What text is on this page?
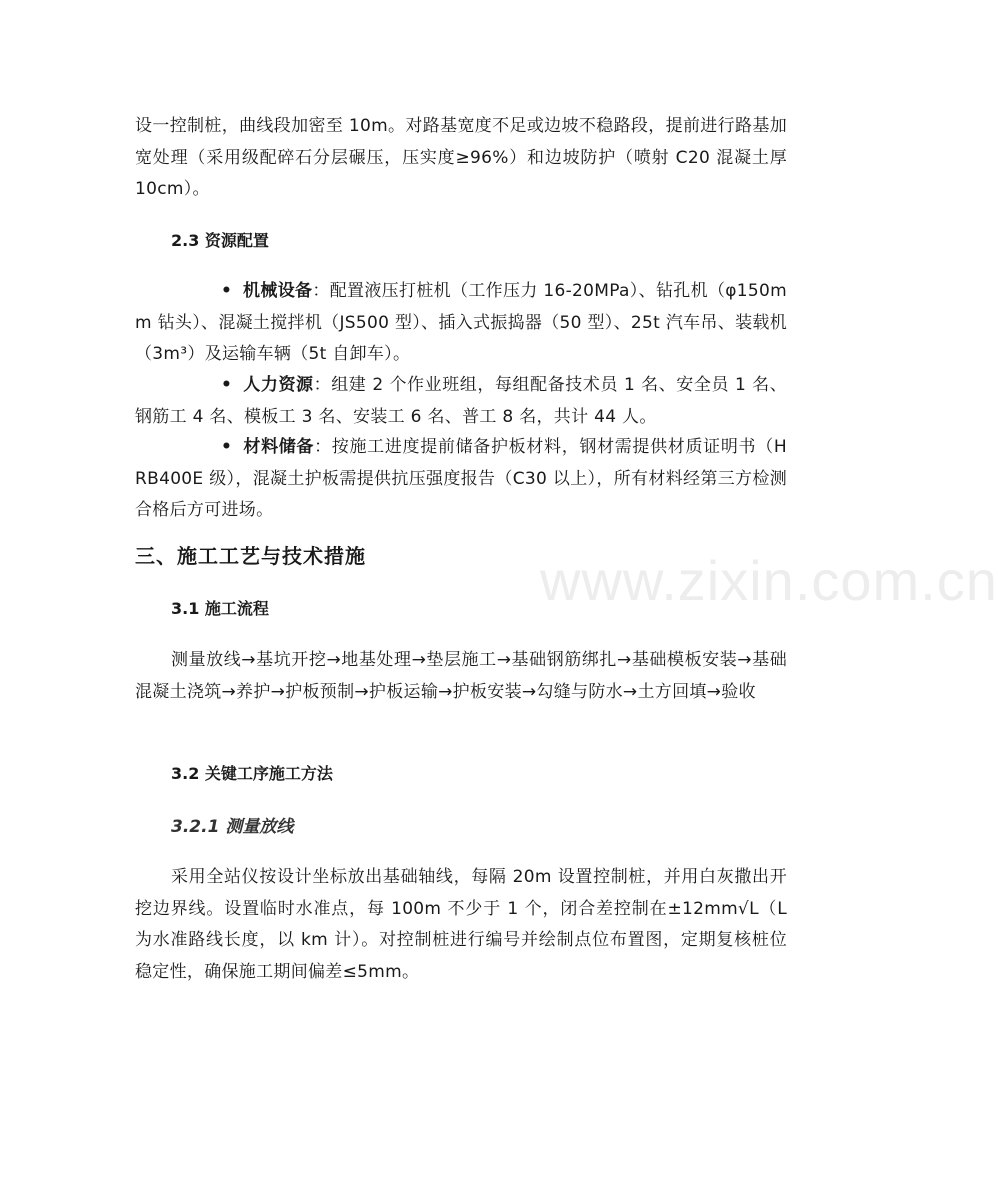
设一控制桩，曲线段加密至 10m。对路基宽度不足或边坡不稳路段，提前进行路基加宽处理（采用级配碎石分层碾压，压实度≥96%）和边坡防护（喷射 C20 混凝土厚 10cm）。

2.3 资源配置

• 机械设备：配置液压打桩机（工作压力 16-20MPa）、钻孔机（φ150mm 钻头）、混凝土搅拌机（JS500 型）、插入式振捣器（50 型）、25t 汽车吊、装载机（3m³）及运输车辆（5t 自卸车）。

• 人力资源：组建 2 个作业班组，每组配备技术员 1 名、安全员 1 名、钢筋工 4 名、模板工 3 名、安装工 6 名、普工 8 名，共计 44 人。

• 材料储备：按施工进度提前储备护板材料，钢材需提供材质证明书（HRB400E 级），混凝土护板需提供抗压强度报告（C30 以上），所有材料经第三方检测合格后方可进场。

三、施工工艺与技术措施	www.zixin.com.cn
3.1 施工流程

测量放线→基坑开挖→地基处理→垫层施工→基础钢筋绑扎→基础模板安装→基础混凝土浇筑→养护→护板预制→护板运输→护板安装→勾缝与防水→土方回填→验收

3.2 关键工序施工方法
3.2.1 测量放线

采用全站仪按设计坐标放出基础轴线，每隔 20m 设置控制桩，并用白灰撒出开挖边界线。设置临时水准点，每 100m 不少于 1 个，闭合差控制在±12mm√L（L 为水准路线长度，以 km 计）。对控制桩进行编号并绘制点位布置图，定期复核桩位稳定性，确保施工期间偏差≤5mm。
